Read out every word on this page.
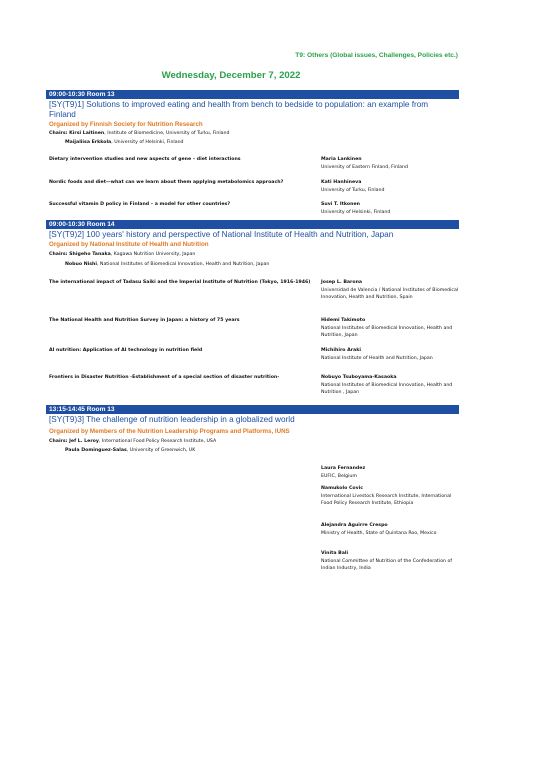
T9: Others (Global issues, Challenges, Policies etc.)
Wednesday, December 7, 2022
09:00-10:30 Room 13
[SY(T9)1] Solutions to improved eating and health from bench to bedside to population: an example from Finland
Organized by Finnish Society for Nutrition Research
Chairs: Kirsi Laitinen, Institute of Biomedicine, University of Turku, Finland
Maijaliisa Erkkola, University of Helsinki, Finland
Dietary intervention studies and new aspects of gene – diet interactions	Maria Lankinen
University of Eastern Finland, Finland
Nordic foods and diet—what can we learn about them applying metabolomics approach?	Kati Hanhineva
University of Turku, Finland
Successful vitamin D policy in Finland – a model for other countries?	Suvi T. Itkonen
University of Helsinki, Finland
09:00-10:30 Room 14
[SY(T9)2] 100 years' history and perspective of National Institute of Health and Nutrition, Japan
Organized by National Institute of Health and Nutrition
Chairs: Shigeho Tanaka, Kagawa Nutrition University, Japan
Nobuo Nishi, National Institutes of Biomedical Innovation, Health and Nutrition, Japan
The international impact of Tadasu Saiki and the Imperial Institute of Nutrition (Tokyo, 1916-1946) Josep L. Barona
Universidad de Valencia / National Institutes of Biomedical Innovation, Health and Nutrition, Spain
The National Health and Nutrition Survey in Japan: a history of 75 years	Hidemi Takimoto
National Institutes of Biomedical Innovation, Health and Nutrition, Japan
AI nutrition: Application of AI technology in nutrition field	Michihiro Araki
National Institute of Health and Nutrition, Japan
Frontiers in Disaster Nutrition -Establishment of a special section of disaster nutrition-	Nobuyo Tsuboyama-Kasaoka
National Institutes of Biomedical Innovation, Health and Nutrition , Japan
13:15-14:45 Room 13
[SY(T9)3] The challenge of nutrition leadership in a globalized world
Organized by Members of the Nutrition Leadership Programs and Platforms, IUNS
Chairs: Jef L. Leroy, International Food Policy Research Institute, USA
Paula Dominguez-Salas, University of Greenwich, UK
Laura Fernandez
EUFIC, Belgium
Namukolo Covic
International Livestock Research Institute, International Food Policy Research Institute, Ethiopia
Alejandra Aguirre Crespo
Ministry of Health, State of Quintana Roo, Mexico
Vinita Bali
National Committee of Nutrition of the Confederation of Indian Industry, India
